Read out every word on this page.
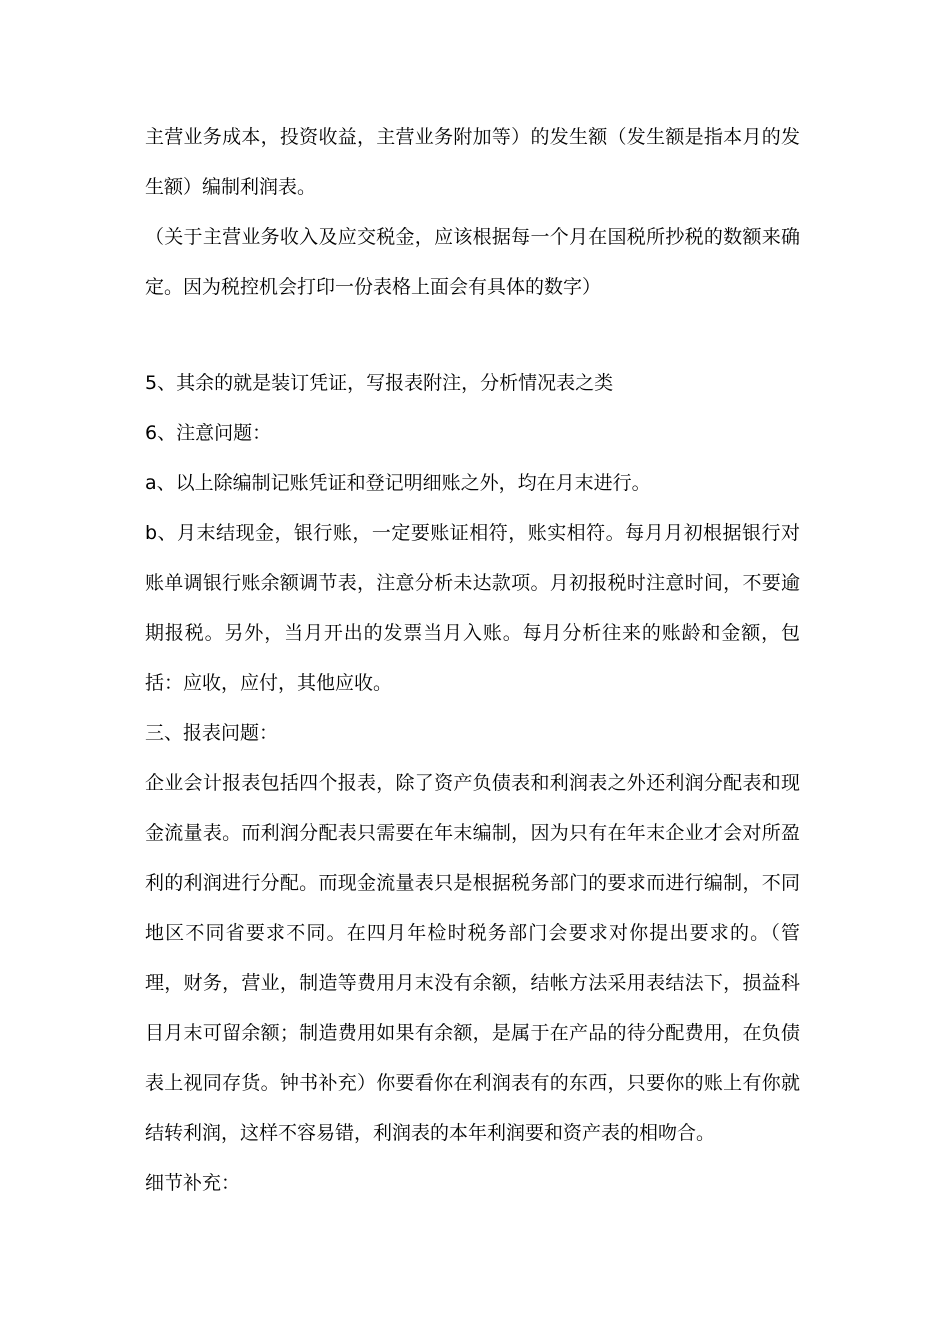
主营业务成本，投资收益，主营业务附加等）的发生额（发生额是指本月的发
生额）编制利润表。
（关于主营业务收入及应交税金，应该根据每一个月在国税所抄税的数额来确
定。因为税控机会打印一份表格上面会有具体的数字）
5、其余的就是装订凭证，写报表附注，分析情况表之类
6、注意问题：
a、以上除编制记账凭证和登记明细账之外，均在月末进行。
b、月末结现金，银行账，一定要账证相符，账实相符。每月月初根据银行对
账单调银行账余额调节表，注意分析未达款项。月初报税时注意时间，不要逾
期报税。另外，当月开出的发票当月入账。每月分析往来的账龄和金额，包
括：应收，应付，其他应收。
三、报表问题：
企业会计报表包括四个报表，除了资产负债表和利润表之外还利润分配表和现
金流量表。而利润分配表只需要在年末编制，因为只有在年末企业才会对所盈
利的利润进行分配。而现金流量表只是根据税务部门的要求而进行编制，不同
地区不同省要求不同。在四月年检时税务部门会要求对你提出要求的。（管
理，财务，营业，制造等费用月末没有余额，结帐方法采用表结法下，损益科
目月末可留余额；制造费用如果有余额，是属于在产品的待分配费用，在负债
表上视同存货。钟书补充）你要看你在利润表有的东西，只要你的账上有你就
结转利润，这样不容易错，利润表的本年利润要和资产表的相吻合。
细节补充：
